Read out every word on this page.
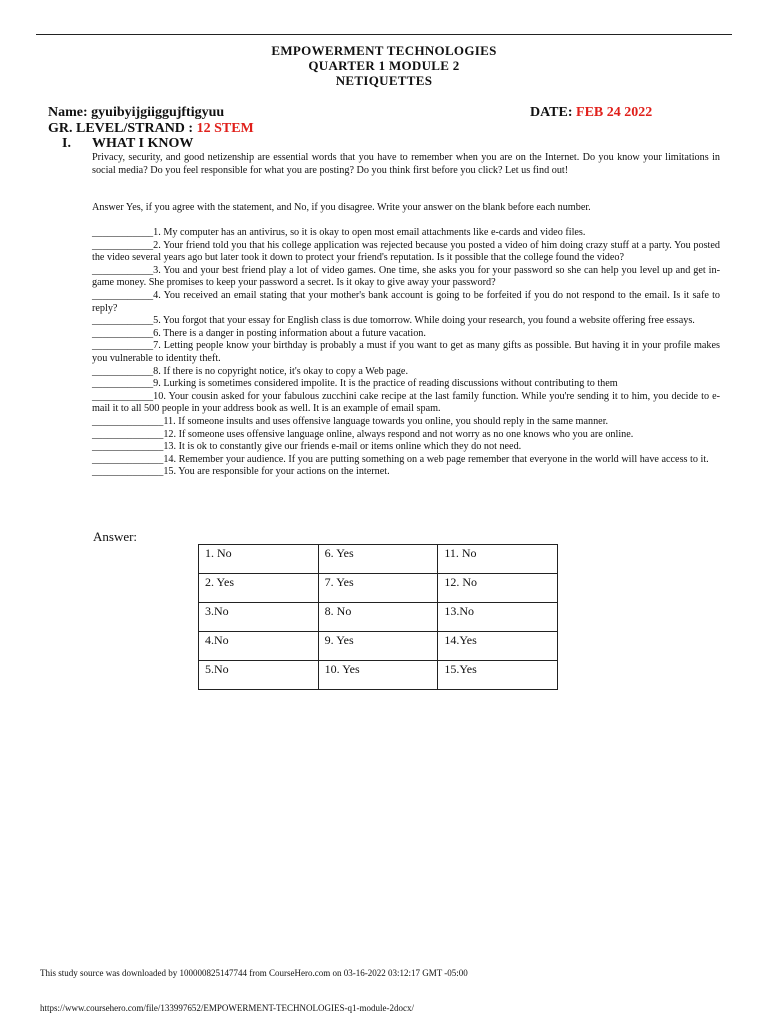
EMPOWERMENT TECHNOLOGIES
QUARTER 1 MODULE 2
NETIQUETTES
Name: gyuibyijgiiggujftigyuu	DATE: FEB 24 2022
GR. LEVEL/STRAND : 12 STEM
I. WHAT I KNOW
Privacy, security, and good netizenship are essential words that you have to remember when you are on the Internet. Do you know your limitations in social media? Do you feel responsible for what you are posting? Do you think first before you click? Let us find out!
Answer Yes, if you agree with the statement, and No, if you disagree. Write your answer on the blank before each number.

____________1. My computer has an antivirus, so it is okay to open most email attachments like e-cards and video files.

____________2. Your friend told you that his college application was rejected because you posted a video of him doing crazy stuff at a party. You posted the video several years ago but later took it down to protect your friend's reputation. Is it possible that the college found the video?

____________3. You and your best friend play a lot of video games. One time, she asks you for your password so she can help you level up and get in-game money. She promises to keep your password a secret. Is it okay to give away your password?

____________4. You received an email stating that your mother's bank account is going to be forfeited if you do not respond to the email. Is it safe to reply?

____________5. You forgot that your essay for English class is due tomorrow. While doing your research, you found a website offering free essays.

____________6. There is a danger in posting information about a future vacation.

____________7. Letting people know your birthday is probably a must if you want to get as many gifts as possible. But having it in your profile makes you vulnerable to identity theft.

____________8. If there is no copyright notice, it's okay to copy a Web page.

____________9. Lurking is sometimes considered impolite. It is the practice of reading discussions without contributing to them

____________10. Your cousin asked for your fabulous zucchini cake recipe at the last family function. While you're sending it to him, you decide to e-mail it to all 500 people in your address book as well. It is an example of email spam.

______________11. If someone insults and uses offensive language towards you online, you should reply in the same manner.

______________12. If someone uses offensive language online, always respond and not worry as no one knows who you are online.

______________13. It is ok to constantly give our friends e-mail or items online which they do not need.

______________14. Remember your audience. If you are putting something on a web page remember that everyone in the world will have access to it.

______________15. You are responsible for your actions on the internet.

Answer:
1. No	6. Yes	11. No
2. Yes	7. Yes	12. No
3.No	8. No	13.No
4.No	9. Yes	14.Yes
5.No	10. Yes	15.Yes
This study source was downloaded by 100000825147744 from CourseHero.com on 03-16-2022 03:12:17 GMT -05:00
https://www.coursehero.com/file/133997652/EMPOWERMENT-TECHNOLOGIES-q1-module-2docx/
